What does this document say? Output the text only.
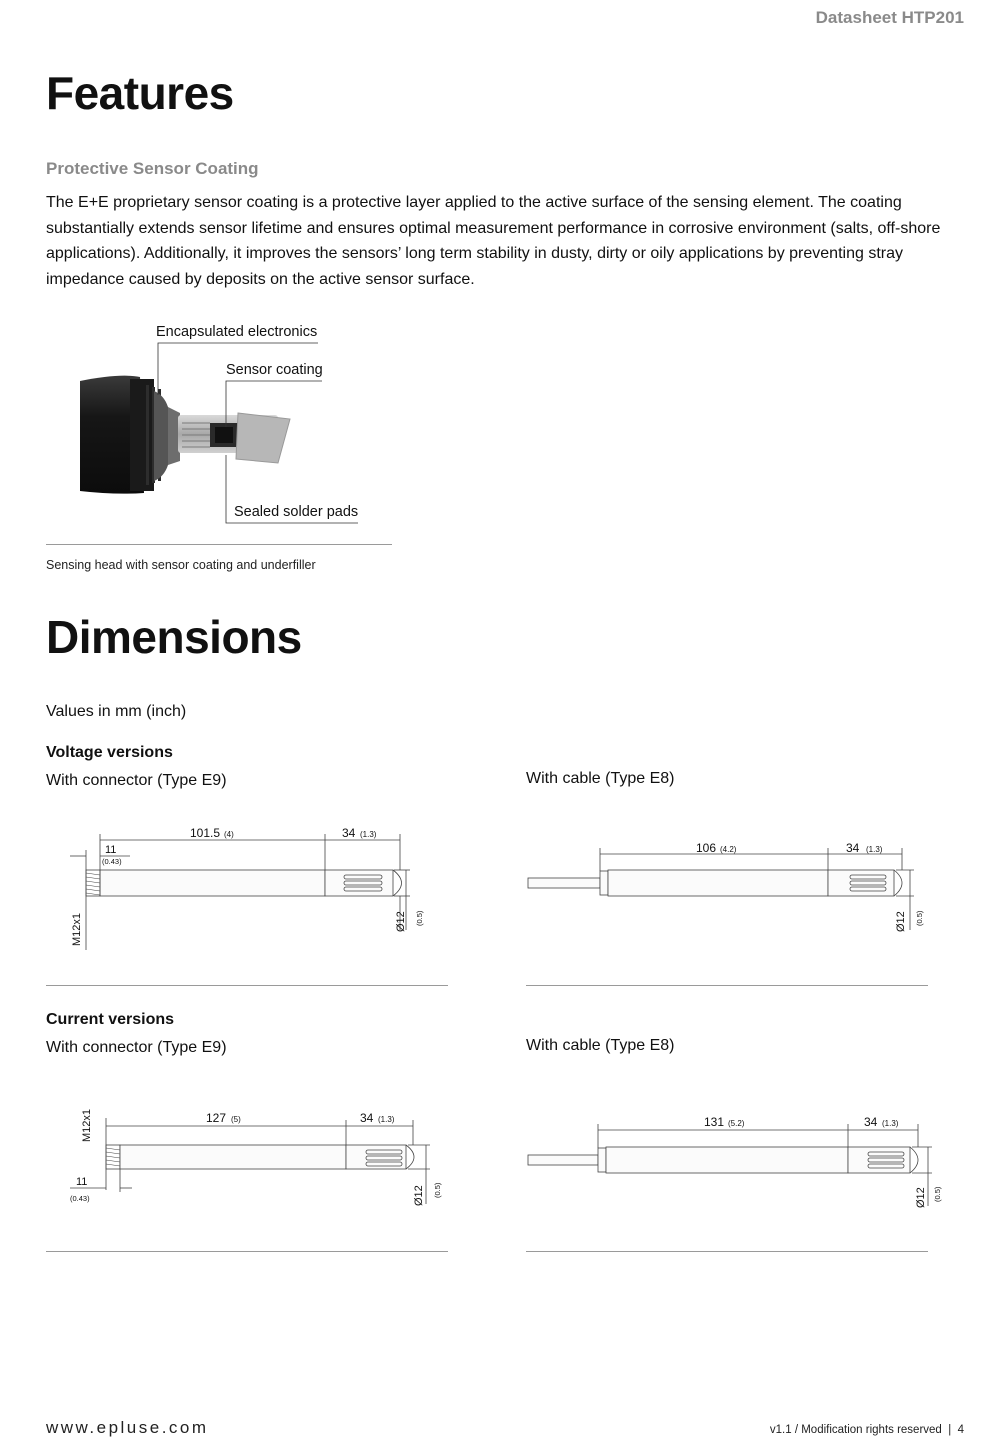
Datasheet HTP201
Features
Protective Sensor Coating
The E+E proprietary sensor coating is a protective layer applied to the active surface of the sensing element. The coating substantially extends sensor lifetime and ensures optimal measurement performance in corrosive environment (salts, off-shore applications). Additionally, it improves the sensors’ long term stability in dusty, dirty or oily applications by preventing stray impedance caused by deposits on the active sensor surface.
Encapsulated electronics
Sensor coating
Sealed solder pads
Sensing head with sensor coating and underfiller
Dimensions
Values in mm (inch)
Voltage versions
With connector (Type E9)	With cable (Type E8)
101.5 (4)	34 (1.3)
11
(0.43)
M12x1	Ø12 (0.5)
106 (4.2)	34 (1.3)
Ø12 (0.5)
Current versions
With connector (Type E9)	With cable (Type E8)
127 (5)	34 (1.3)
M12x1
11
(0.43)	Ø12 (0.5)
131 (5.2)	34 (1.3)
Ø12 (0.5)
www.epluse.com	v1.1 / Modification rights reserved  |  4
